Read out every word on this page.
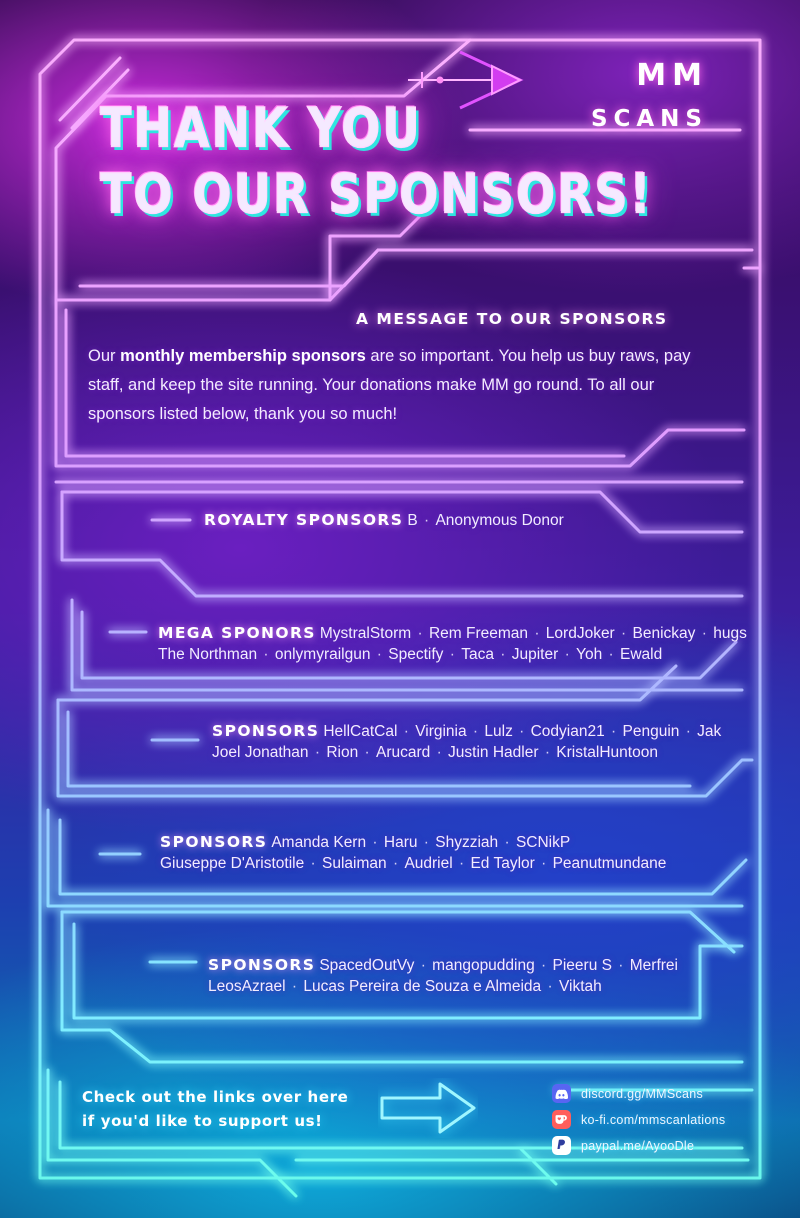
MM
SCANS
THANK YOU
TO OUR SPONSORS!
A MESSAGE TO OUR SPONSORS
Our monthly membership sponsors are so important. You help us buy raws, pay staff, and keep the site running. Your donations make MM go round. To all our sponsors listed below, thank you so much!
ROYALTY SPONSORS B · Anonymous Donor
MEGA SPONORS MystralStorm · Rem Freeman · LordJoker · Benickay · hugs
The Northman · onlymyrailgun · Spectify · Taca · Jupiter · Yoh · Ewald
SPONSORS HellCatCal · Virginia · Lulz · Codyian21 · Penguin · Jak
Joel Jonathan · Rion · Arucard · Justin Hadler · KristalHuntoon
SPONSORS Amanda Kern · Haru · Shyzziah · SCNikP
Giuseppe D'Aristotile · Sulaiman · Audriel · Ed Taylor · Peanutmundane
SPONSORS SpacedOutVy · mangopudding · Pieeru S · Merfrei
LeosAzrael · Lucas Pereira de Souza e Almeida · Viktah
Check out the links over here
if you'd like to support us!
discord.gg/MMScans
ko-fi.com/mmscanlations
paypal.me/AyooDle
